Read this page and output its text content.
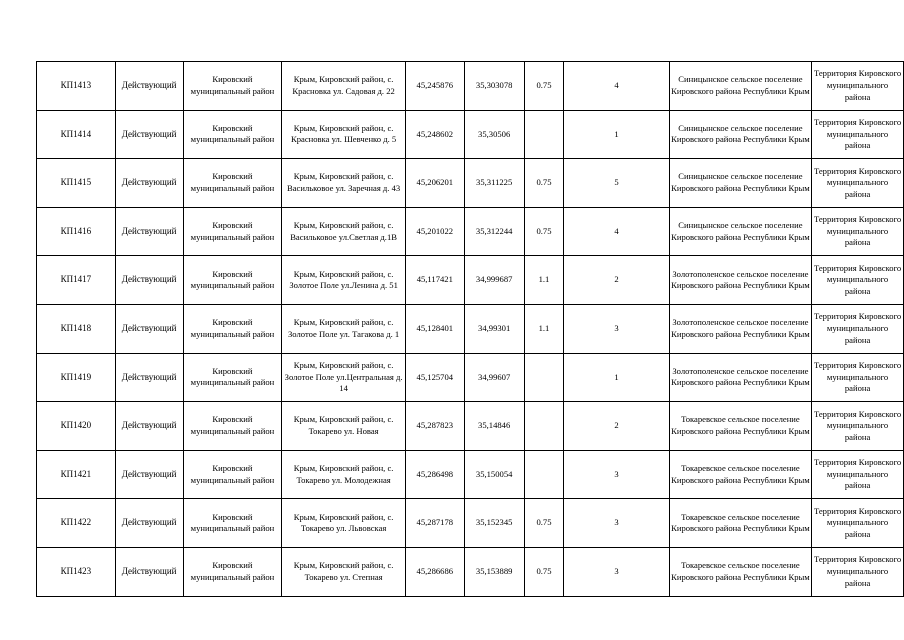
КП1413	Действующий	Кировский муниципальный район	Крым, Кировский район, с. Красновка ул. Садовая д. 22	45,245876	35,303078	0.75	4	Синицынское сельское поселение Кировского района Республики Крым	Территория Кировского муниципального района
КП1414	Действующий	Кировский муниципальный район	Крым, Кировский район, с. Красновка ул. Шевченко д. 5	45,248602	35,30506		1	Синицынское сельское поселение Кировского района Республики Крым	Территория Кировского муниципального района
КП1415	Действующий	Кировский муниципальный район	Крым, Кировский район, с. Васильковое ул. Заречная д. 43	45,206201	35,311225	0.75	5	Синицынское сельское поселение Кировского района Республики Крым	Территория Кировского муниципального района
КП1416	Действующий	Кировский муниципальный район	Крым, Кировский район, с. Васильковое ул.Светлая д.1В	45,201022	35,312244	0.75	4	Синицынское сельское поселение Кировского района Республики Крым	Территория Кировского муниципального района
КП1417	Действующий	Кировский муниципальный район	Крым, Кировский район, с. Золотое Поле ул.Ленина д. 51	45,117421	34,999687	1.1	2	Золотополенское сельское поселение Кировского района Республики Крым	Территория Кировского муниципального района
КП1418	Действующий	Кировский муниципальный район	Крым, Кировский район, с. Золотое Поле ул. Тагакова д. 1	45,128401	34,99301	1.1	3	Золотополенское сельское поселение Кировского района Республики Крым	Территория Кировского муниципального района
КП1419	Действующий	Кировский муниципальный район	Крым, Кировский район, с. Золотое Поле ул.Центральная д. 14	45,125704	34,99607		1	Золотополенское сельское поселение Кировского района Республики Крым	Территория Кировского муниципального района
КП1420	Действующий	Кировский муниципальный район	Крым, Кировский район, с. Токарево ул. Новая	45,287823	35,14846		2	Токаревское сельское поселение Кировского района Республики Крым	Территория Кировского муниципального района
КП1421	Действующий	Кировский муниципальный район	Крым, Кировский район, с. Токарево ул. Молодежная	45,286498	35,150054		3	Токаревское сельское поселение Кировского района Республики Крым	Территория Кировского муниципального района
КП1422	Действующий	Кировский муниципальный район	Крым, Кировский район, с. Токарево ул. Львовская	45,287178	35,152345	0.75	3	Токаревское сельское поселение Кировского района Республики Крым	Территория Кировского муниципального района
КП1423	Действующий	Кировский муниципальный район	Крым, Кировский район, с. Токарево ул. Степная	45,286686	35,153889	0.75	3	Токаревское сельское поселение Кировского района Республики Крым	Территория Кировского муниципального района
